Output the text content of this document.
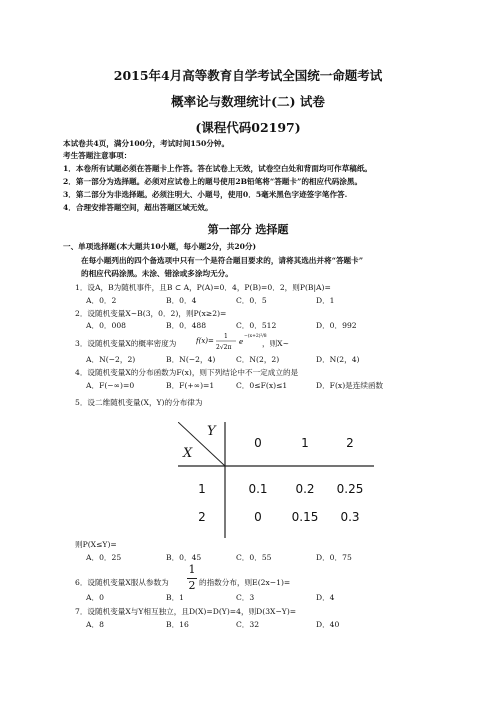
2015年4月高等教育自学考试全国统一命题考试
概率论与数理统计(二) 试卷
(课程代码02197)
本试卷共4页，满分100分，考试时间150分钟。
考生答题注意事项：
1．本卷所有试题必须在答题卡上作答。答在试卷上无效，试卷空白处和背面均可作草稿纸。
2．第一部分为选择题。必须对应试卷上的题号使用2B铅笔将“答题卡”的相应代码涂黑。
3．第二部分为非选择题。必须注明大、小题号，使用0．5毫米黑色字迹签字笔作答.
4．合理安排答题空间，超出答题区域无效。
第一部分 选择题
一、单项选择题(本大题共10小题，每小题2分，共20分)
在每小题列出的四个备选项中只有一个是符合题目要求的，请将其选出并将“答题卡”
的相应代码涂黑。未涂、错涂或多涂均无分。
1．设A，B为随机事件，且B ⊂ A，P(A)=0．4，P(B)=0．2，则P(B|A)=
A．0．2	B．0．4	C．0．5	D．1
2．设随机变量X~B(3，0．2)，则P(x≥2)=
A．0．008	B．0．488	C．0．512	D．0．992
3．设随机变量X的概率密度为	f(x)=
1
2√2π
e
−(x+2)²/8
，则X~
A．N(−2，2)	B．N(−2，4)	C．N(2，2)	D．N(2，4)
4．设随机变量X的分布函数为F(x)，则下列结论中不一定成立的是
A．F(−∞)=0	B．F(+∞)=1	C．0≤F(x)≤1	D．F(x)是连续函数
5．设二维随机变量(X，Y)的分布律为
Y
X
0	1	2
1	0.1	0.2	0.25
2	0	0.15	0.3
则P(X≤Y)=
A．0．25	B．0．45	C．0．55	D．0．75
6．设随机变量X服从参数为
1
2 的指数分布，则E(2x−1)=
A．0	B．1	C．3	D．4
7．设随机变量X与Y相互独立，且D(X)=D(Y)=4，则D(3X−Y)=
A．8	B．16	C．32	D．40
